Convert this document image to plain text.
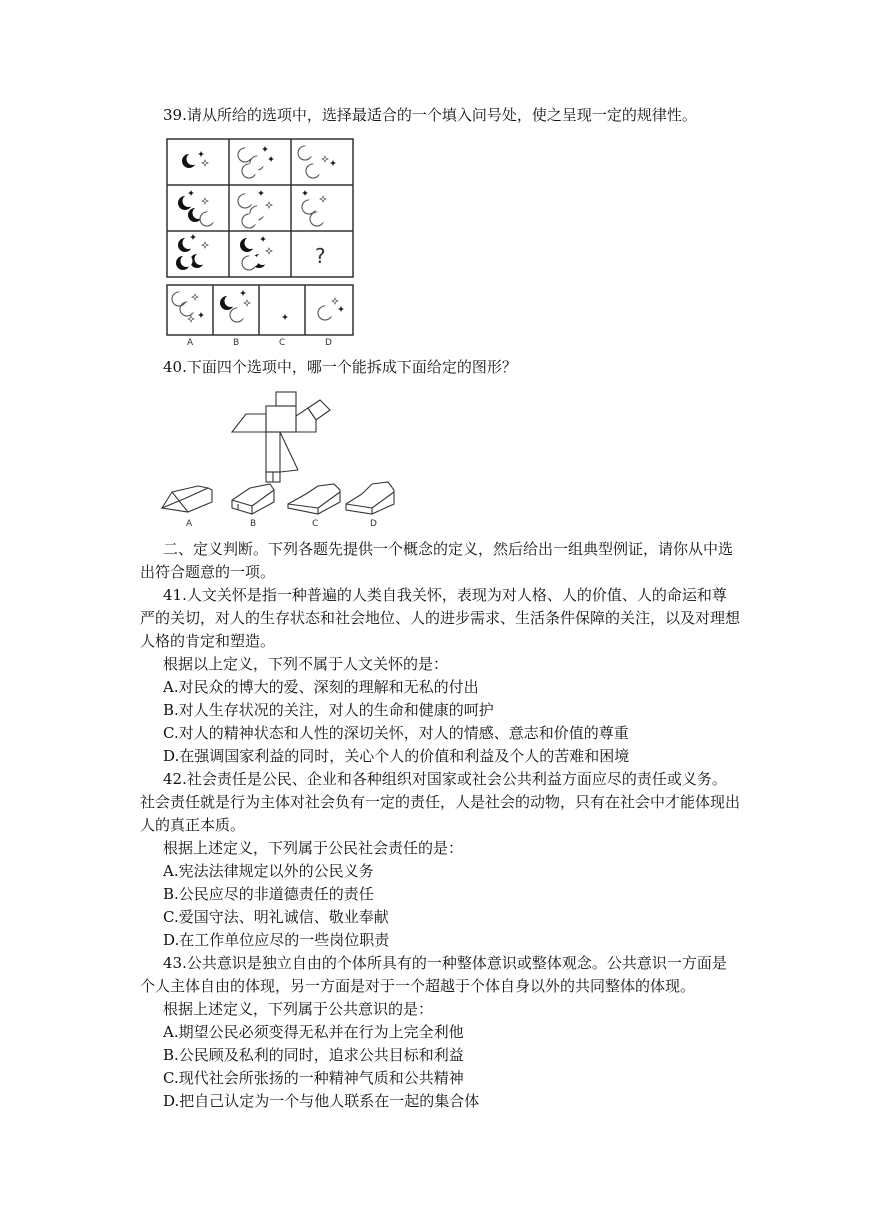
39.请从所给的选项中，选择最适合的一个填入问号处，使之呈现一定的规律性。
?
A	B	C	D
40.下面四个选项中，哪一个能拆成下面给定的图形？
A	B	C	D
二、定义判断。下列各题先提供一个概念的定义，然后给出一组典型例证，请你从中选
出符合题意的一项。
41.人文关怀是指一种普遍的人类自我关怀，表现为对人格、人的价值、人的命运和尊
严的关切，对人的生存状态和社会地位、人的进步需求、生活条件保障的关注，以及对理想
人格的肯定和塑造。
根据以上定义，下列不属于人文关怀的是：
A.对民众的博大的爱、深刻的理解和无私的付出
B.对人生存状况的关注，对人的生命和健康的呵护
C.对人的精神状态和人性的深切关怀，对人的情感、意志和价值的尊重
D.在强调国家利益的同时，关心个人的价值和利益及个人的苦难和困境
42.社会责任是公民、企业和各种组织对国家或社会公共利益方面应尽的责任或义务。
社会责任就是行为主体对社会负有一定的责任，人是社会的动物，只有在社会中才能体现出
人的真正本质。
根据上述定义，下列属于公民社会责任的是：
A.宪法法律规定以外的公民义务
B.公民应尽的非道德责任的责任
C.爱国守法、明礼诚信、敬业奉献
D.在工作单位应尽的一些岗位职责
43.公共意识是独立自由的个体所具有的一种整体意识或整体观念。公共意识一方面是
个人主体自由的体现，另一方面是对于一个超越于个体自身以外的共同整体的体现。
根据上述定义，下列属于公共意识的是：
A.期望公民必须变得无私并在行为上完全利他
B.公民顾及私利的同时，追求公共目标和利益
C.现代社会所张扬的一种精神气质和公共精神
D.把自己认定为一个与他人联系在一起的集合体
